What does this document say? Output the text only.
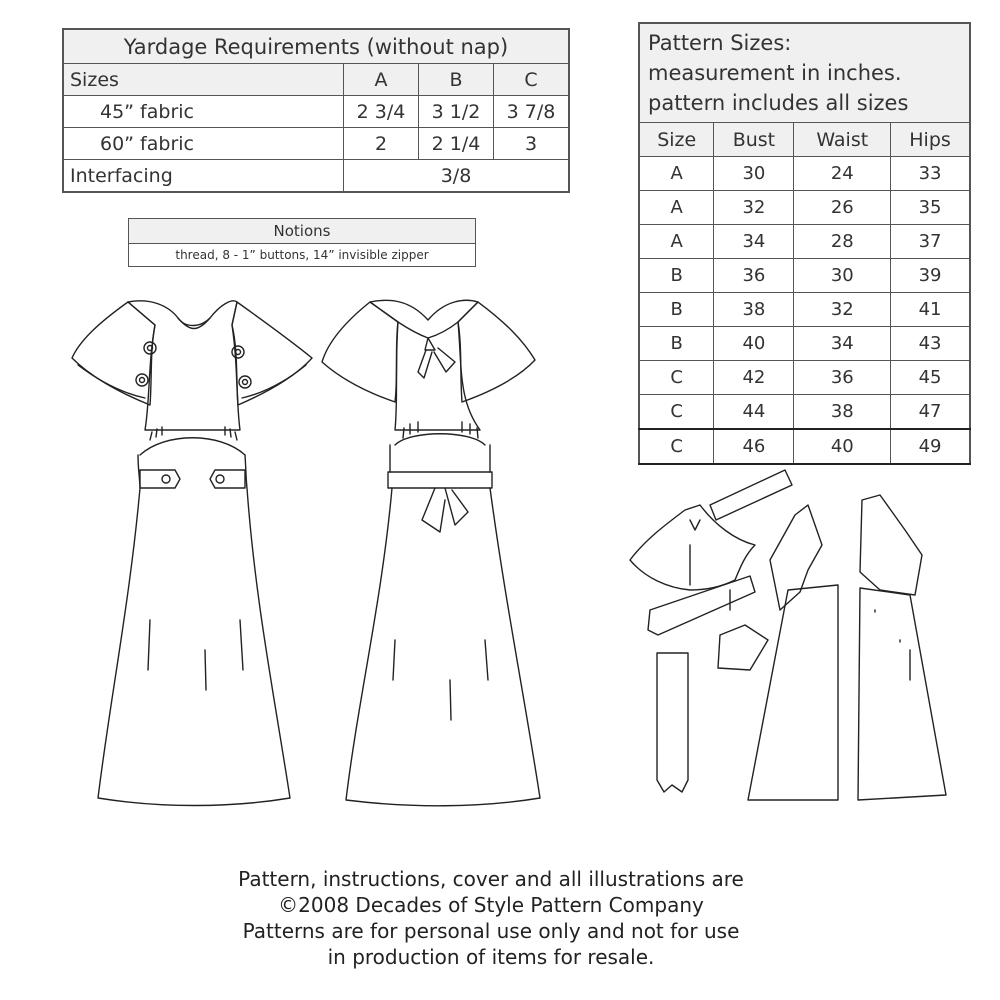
Yardage Requirements (without nap)			
Sizes	A	B	C
45” fabric	2 3/4	3 1/2	3 7/8
60” fabric	2	2 1/4	3
Interfacing	3/8		
Notions
thread, 8 - 1” buttons, 14” invisible zipper
Pattern Sizes:
measurement in inches.
pattern includes all sizes			

Size	Bust	Waist	Hips
A	30	24	33
A	32	26	35
A	34	28	37
B	36	30	39
B	38	32	41
B	40	34	43
C	42	36	45
C	44	38	47
C	46	40	49
Pattern, instructions, cover and all illustrations are
©2008 Decades of Style Pattern Company
Patterns are for personal use only and not for use
in production of items for resale.
